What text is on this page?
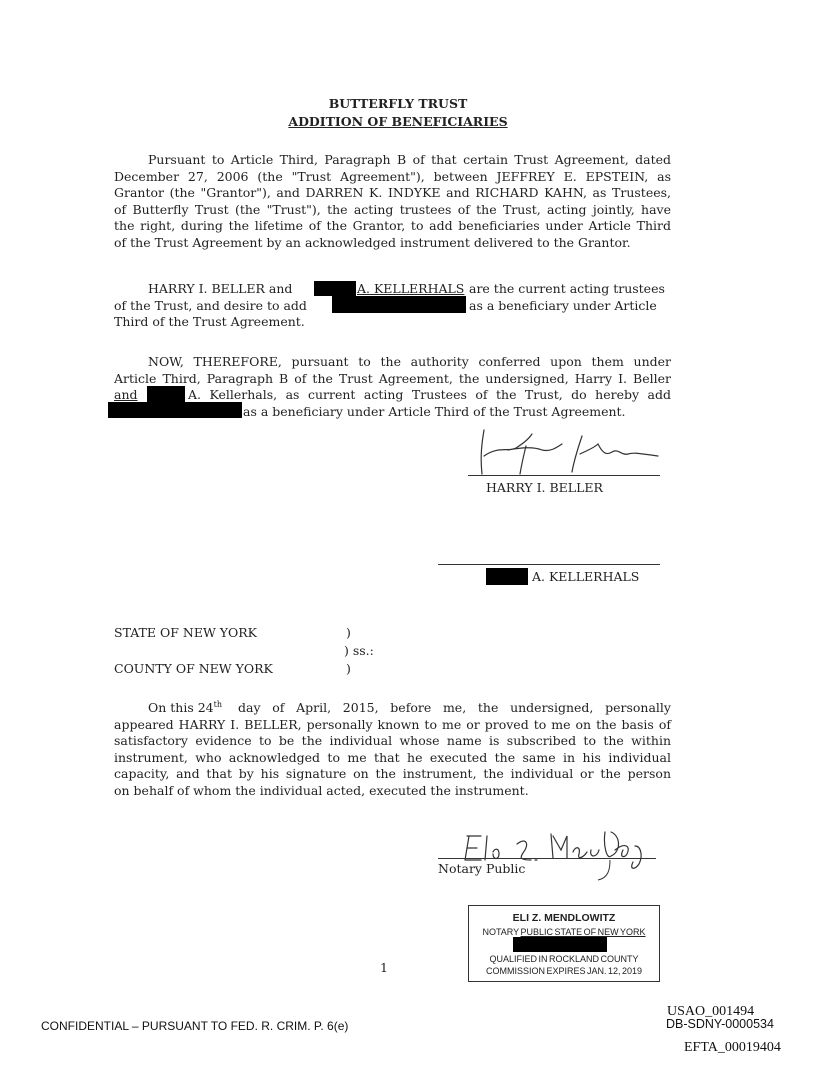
BUTTERFLY TRUST
ADDITION OF BENEFICIARIES
Pursuant to Article Third, Paragraph B of that certain Trust Agreement, dated
December 27, 2006 (the "Trust Agreement"), between JEFFREY E. EPSTEIN, as
Grantor (the "Grantor"), and DARREN K. INDYKE and RICHARD KAHN, as Trustees,
of Butterfly Trust (the "Trust"), the acting trustees of the Trust, acting jointly, have
the right, during the lifetime of the Grantor, to add beneficiaries under Article Third
of the Trust Agreement by an acknowledged instrument delivered to the Grantor.
HARRY I. BELLER and	A. KELLERHALS are the current acting trustees
of the Trust, and desire to add	as a beneficiary under Article
Third of the Trust Agreement.
NOW, THEREFORE, pursuant to the authority conferred upon them under
Article Third, Paragraph B of the Trust Agreement, the undersigned, Harry I. Beller
and	A. Kellerhals, as current acting Trustees of the Trust, do hereby add
as a beneficiary under Article Third of the Trust Agreement.
HARRY I. BELLER
A. KELLERHALS
STATE OF NEW YORK	)
) ss.:
COUNTY OF NEW YORK	)
On this 24th day of April, 2015, before me, the undersigned, personally
appeared HARRY I. BELLER, personally known to me or proved to me on the basis of
satisfactory evidence to be the individual whose name is subscribed to the within
instrument, who acknowledged to me that he executed the same in his individual
capacity, and that by his signature on the instrument, the individual or the person
on behalf of whom the individual acted, executed the instrument.
Notary Public
ELI Z. MENDLOWITZ
NOTARY PUBLIC STATE OF NEW YORK
QUALIFIED IN ROCKLAND COUNTY
COMMISSION EXPIRES JAN. 12, 2019
1
CONFIDENTIAL – PURSUANT TO FED. R. CRIM. P. 6(e)
USAO_001494
DB-SDNY-0000534
EFTA_00019404
